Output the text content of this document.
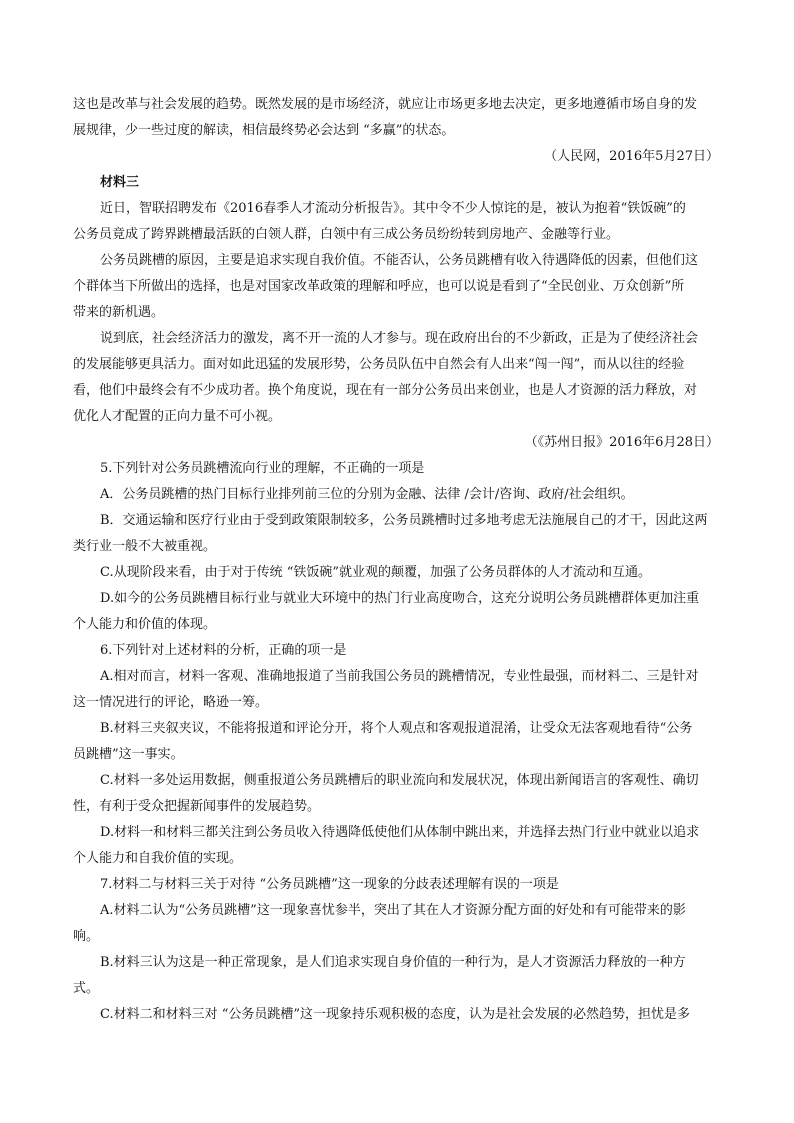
这也是改革与社会发展的趋势。既然发展的是市场经济，就应让市场更多地去决定，更多地遵循市场自身的发
展规律，少一些过度的解读，相信最终势必会达到 “多赢”的状态。
（人民网，2016年5月27日）
材料三
近日，智联招聘发布《2016春季人才流动分析报告》。其中令不少人惊诧的是，被认为抱着“铁饭碗”的
公务员竟成了跨界跳槽最活跃的白领人群，白领中有三成公务员纷纷转到房地产、金融等行业。
公务员跳槽的原因，主要是追求实现自我价值。不能否认，公务员跳槽有收入待遇降低的因素，但他们这
个群体当下所做出的选择，也是对国家改革政策的理解和呼应，也可以说是看到了“全民创业、万众创新”所
带来的新机遇。
说到底，社会经济活力的激发，离不开一流的人才参与。现在政府出台的不少新政，正是为了使经济社会
的发展能够更具活力。面对如此迅猛的发展形势，公务员队伍中自然会有人出来“闯一闯”，而从以往的经验
看，他们中最终会有不少成功者。换个角度说，现在有一部分公务员出来创业，也是人才资源的活力释放，对
优化人才配置的正向力量不可小视。
（《苏州日报》2016年6月28日）
5.下列针对公务员跳槽流向行业的理解，不正确的一项是
A．公务员跳槽的热门目标行业排列前三位的分别为金融、法律 /会计/咨询、政府/社会组织。
B．交通运输和医疗行业由于受到政策限制较多，公务员跳槽时过多地考虑无法施展自己的才干，因此这两
类行业一般不大被重视。
C.从现阶段来看，由于对于传统 “铁饭碗”就业观的颠覆，加强了公务员群体的人才流动和互通。
D.如今的公务员跳槽目标行业与就业大环境中的热门行业高度吻合，这充分说明公务员跳槽群体更加注重
个人能力和价值的体现。
6.下列针对上述材料的分析，正确的项一是
A.相对而言，材料一客观、准确地报道了当前我国公务员的跳槽情况，专业性最强，而材料二、三是针对
这一情况进行的评论，略逊一筹。
B.材料三夹叙夹议，不能将报道和评论分开，将个人观点和客观报道混淆，让受众无法客观地看待“公务
员跳槽”这一事实。
C.材料一多处运用数据，侧重报道公务员跳槽后的职业流向和发展状况，体现出新闻语言的客观性、确切
性，有利于受众把握新闻事件的发展趋势。
D.材料一和材料三都关注到公务员收入待遇降低使他们从体制中跳出来，并选择去热门行业中就业以追求
个人能力和自我价值的实现。
7.材料二与材料三关于对待 “公务员跳槽”这一现象的分歧表述理解有误的一项是
A.材料二认为“公务员跳槽”这一现象喜忧参半，突出了其在人才资源分配方面的好处和有可能带来的影
响。
B.材料三认为这是一种正常现象，是人们追求实现自身价值的一种行为，是人才资源活力释放的一种方
式。
C.材料二和材料三对 “公务员跳槽”这一现象持乐观积极的态度，认为是社会发展的必然趋势，担忧是多
